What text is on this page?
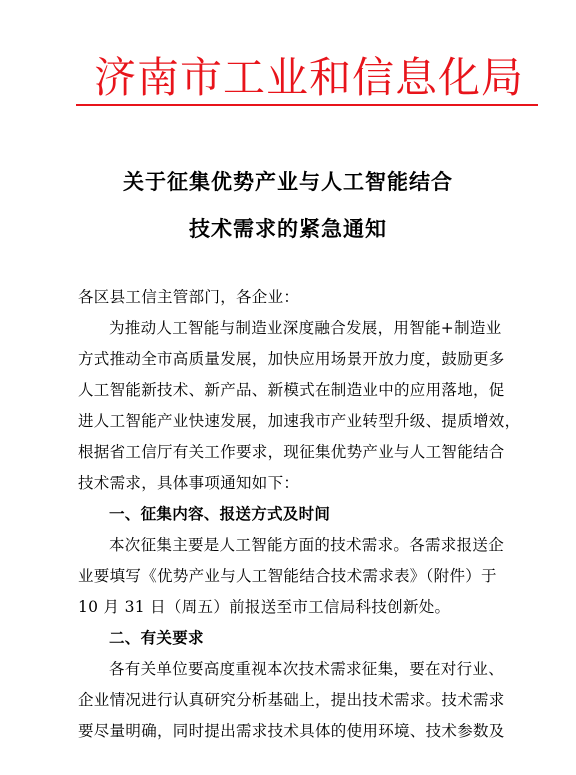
济南市工业和信息化局
关于征集优势产业与人工智能结合
技术需求的紧急通知
各区县工信主管部门，各企业：
为推动人工智能与制造业深度融合发展，用智能+制造业
方式推动全市高质量发展，加快应用场景开放力度，鼓励更多
人工智能新技术、新产品、新模式在制造业中的应用落地，促
进人工智能产业快速发展，加速我市产业转型升级、提质增效，
根据省工信厅有关工作要求，现征集优势产业与人工智能结合
技术需求，具体事项通知如下：
一、征集内容、报送方式及时间
本次征集主要是人工智能方面的技术需求。各需求报送企
业要填写《优势产业与人工智能结合技术需求表》（附件）于
10 月 31 日（周五）前报送至市工信局科技创新处。
二、有关要求
各有关单位要高度重视本次技术需求征集，要在对行业、
企业情况进行认真研究分析基础上，提出技术需求。技术需求
要尽量明确，同时提出需求技术具体的使用环境、技术参数及
